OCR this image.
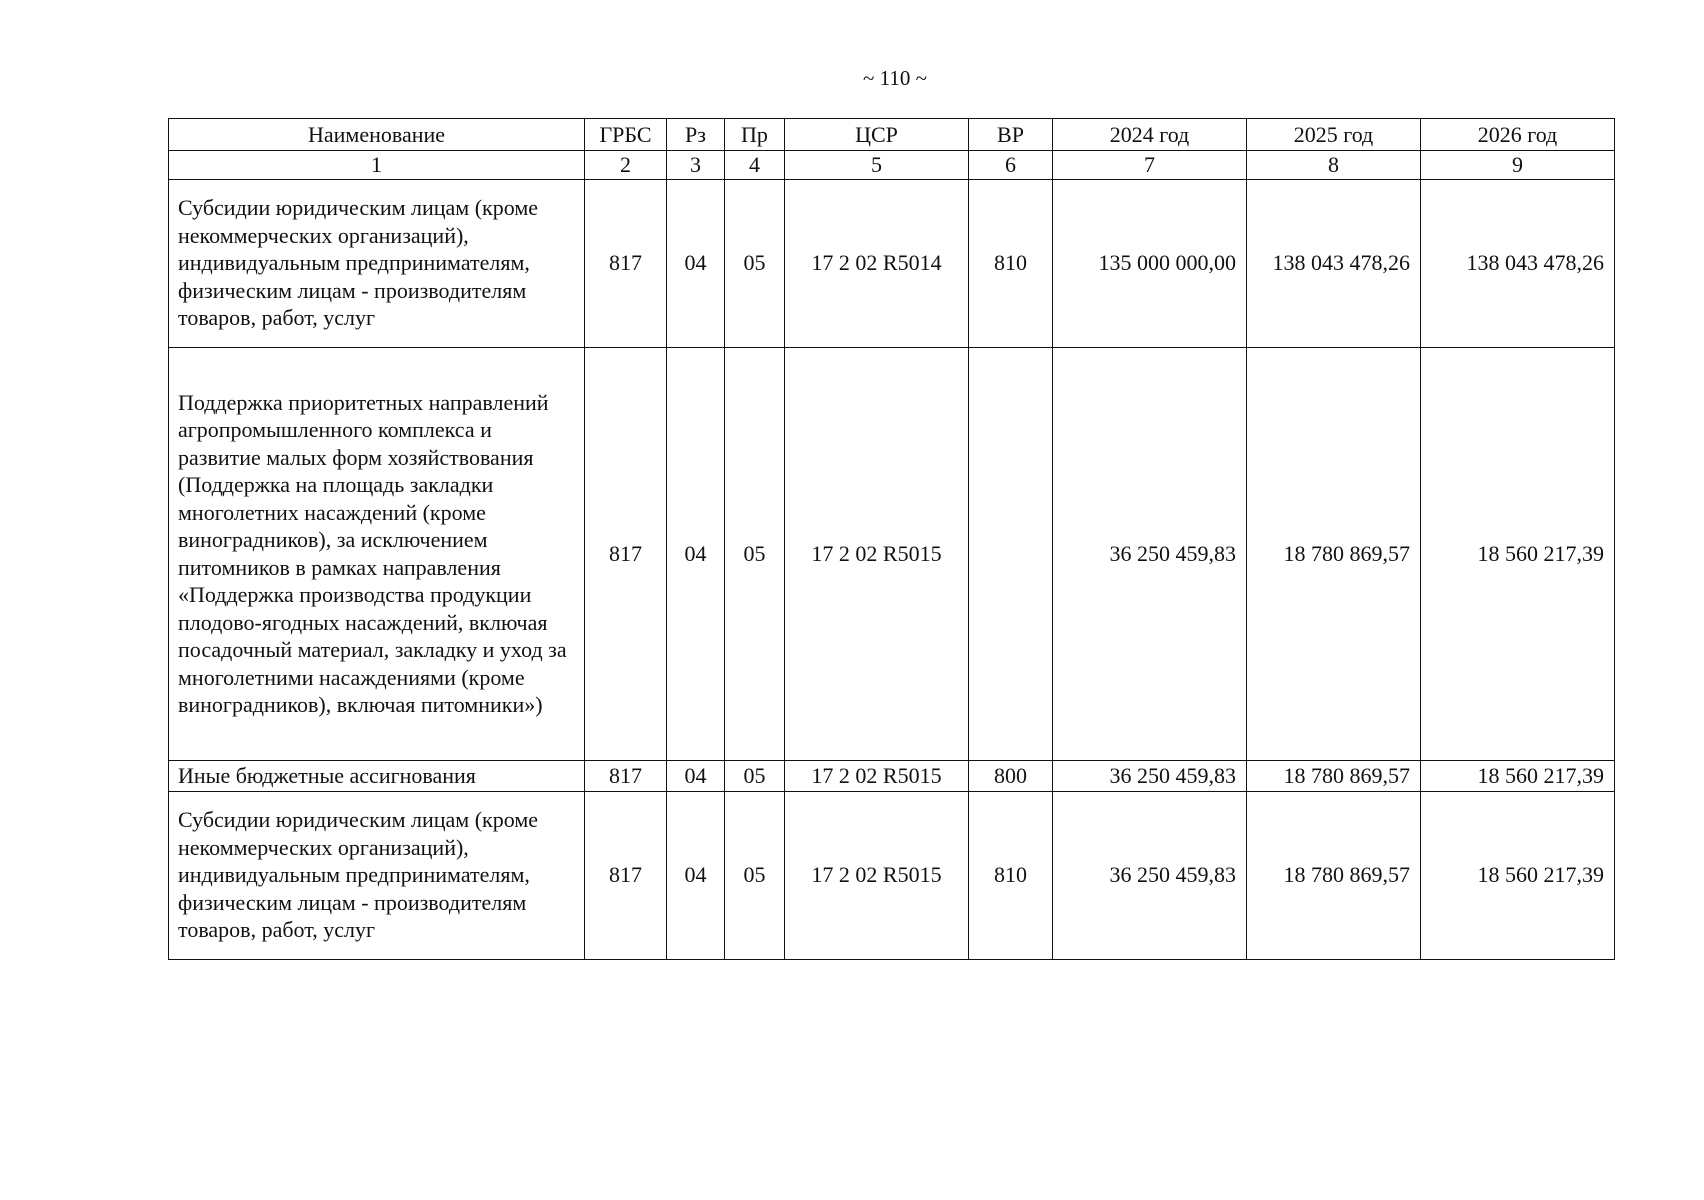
~ 110 ~
Наименование	ГРБС	Рз	Пр	ЦСР	ВР	2024 год	2025 год	2026 год
1	2	3	4	5	6	7	8	9
Субсидии юридическим лицам (кроме некоммерческих организаций), индивидуальным предпринимателям, физическим лицам - производителям товаров, работ, услуг	817	04	05	17 2 02 R5014	810	135 000 000,00	138 043 478,26	138 043 478,26
Поддержка приоритетных направлений агропромышленного комплекса и развитие малых форм хозяйствования (Поддержка на площадь закладки многолетних насаждений (кроме виноградников), за исключением питомников в рамках направления «Поддержка производства продукции плодово-ягодных насаждений, включая посадочный материал, закладку и уход за многолетними насаждениями (кроме виноградников), включая питомники»)	817	04	05	17 2 02 R5015		36 250 459,83	18 780 869,57	18 560 217,39
Иные бюджетные ассигнования	817	04	05	17 2 02 R5015	800	36 250 459,83	18 780 869,57	18 560 217,39
Субсидии юридическим лицам (кроме некоммерческих организаций), индивидуальным предпринимателям, физическим лицам - производителям товаров, работ, услуг	817	04	05	17 2 02 R5015	810	36 250 459,83	18 780 869,57	18 560 217,39
